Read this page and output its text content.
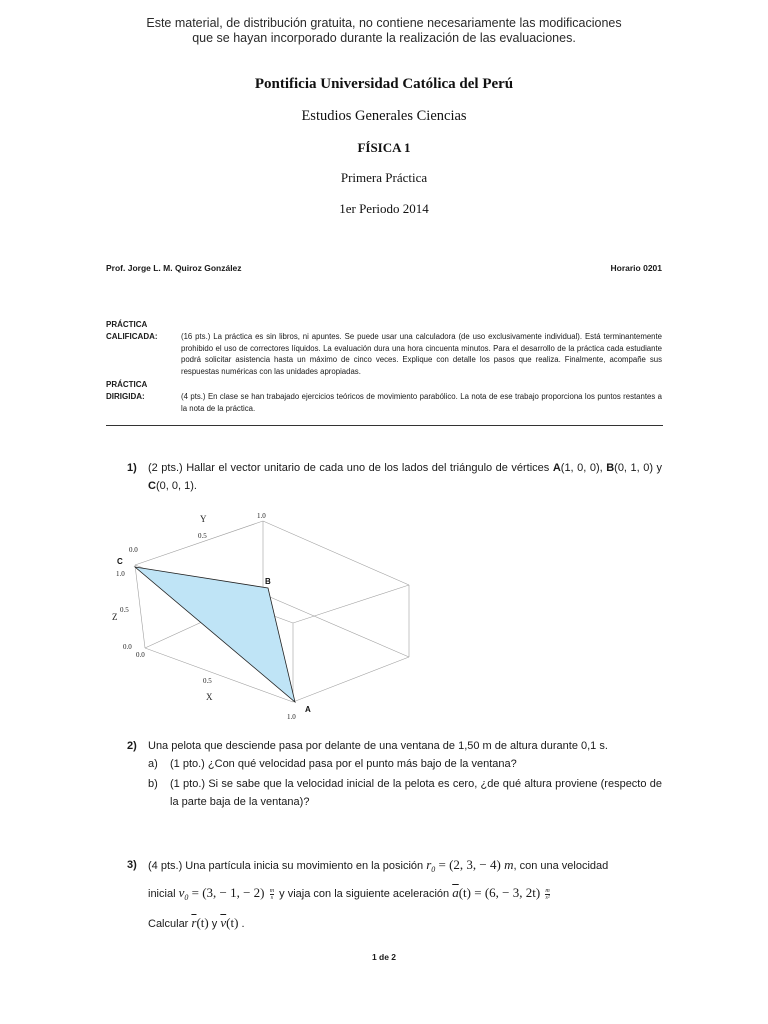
Este material, de distribución gratuita, no contiene necesariamente las modificaciones
que se hayan incorporado durante la realización de las evaluaciones.
Pontificia Universidad Católica del Perú
Estudios Generales Ciencias
FÍSICA 1
Primera Práctica
1er Periodo 2014
Prof. Jorge L. M. Quiroz González	Horario 0201
PRÁCTICA
CALIFICADA:	(16 pts.) La práctica es sin libros, ni apuntes. Se puede usar una calculadora (de uso exclusivamente individual). Está terminantemente prohibido el uso de correctores líquidos. La evaluación dura una hora cincuenta minutos. Para el desarrollo de la práctica cada estudiante podrá solicitar asistencia hasta un máximo de cinco veces. Explique con detalle los pasos que realiza. Finalmente, acompañe sus respuestas numéricas con las unidades apropiadas.
PRÁCTICA
DIRIGIDA:	(4 pts.) En clase se han trabajado ejercicios teóricos de movimiento parabólico. La nota de ese trabajo proporciona los puntos restantes a la nota de la práctica.
1) (2 pts.) Hallar el vector unitario de cada uno de los lados del triángulo de vértices A(1, 0, 0), B(0, 1, 0) y C(0, 0, 1).
Y	1.0
0.5
0.0
1.0
0.5
Z
0.0
0.0
0.5
X
1.0
C
B
A
2) Una pelota que desciende pasa por delante de una ventana de 1,50 m de altura durante 0,1 s.
a) (1 pto.) ¿Con qué velocidad pasa por el punto más bajo de la ventana?
b) (1 pto.) Si se sabe que la velocidad inicial de la pelota es cero, ¿de qué altura proviene (respecto de la parte baja de la ventana)?
3) (4 pts.) Una partícula inicia su movimiento en la posición $r_0 = (2$, 3, − 4) m, con una velocidad
inicial $v_0 = (3$, − 1, − $2) \frac{m}{s}$ y viaja con la siguiente aceleración $\overline{a}(t) = (6$, − 3, $2t) \frac{m}{\text{s²}}$
Calcular $\overline{r}(t)$ y $\overline{v}(t)$ .
1 de 2
